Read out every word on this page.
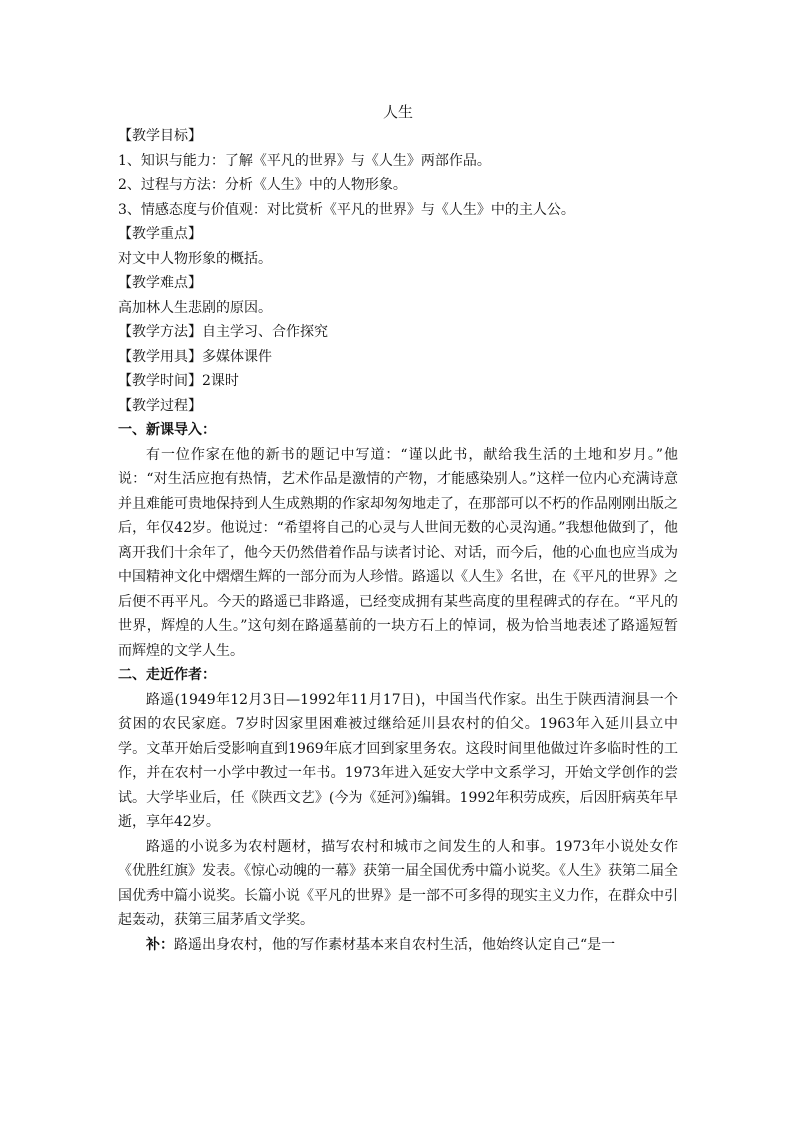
人生

【教学目标】

1、知识与能力：了解《平凡的世界》与《人生》两部作品。

2、过程与方法：分析《人生》中的人物形象。

3、情感态度与价值观：对比赏析《平凡的世界》与《人生》中的主人公。

【教学重点】

对文中人物形象的概括。

【教学难点】

高加林人生悲剧的原因。

【教学方法】自主学习、合作探究

【教学用具】多媒体课件

【教学时间】2课时

【教学过程】

一、新课导入：

有一位作家在他的新书的题记中写道：“谨以此书，献给我生活的土地和岁月。”他说：“对生活应抱有热情，艺术作品是激情的产物，才能感染别人。”这样一位内心充满诗意并且难能可贵地保持到人生成熟期的作家却匆匆地走了，在那部可以不朽的作品刚刚出版之后，年仅42岁。他说过：“希望将自己的心灵与人世间无数的心灵沟通。”我想他做到了，他离开我们十余年了，他今天仍然借着作品与读者讨论、对话，而今后，他的心血也应当成为中国精神文化中熠熠生辉的一部分而为人珍惜。路遥以《人生》名世，在《平凡的世界》之后便不再平凡。今天的路遥已非路遥，已经变成拥有某些高度的里程碑式的存在。“平凡的世界，辉煌的人生。”这句刻在路遥墓前的一块方石上的悼词，极为恰当地表述了路遥短暂而辉煌的文学人生。

二、走近作者：

路遥(1949年12月3日—1992年11月17日)，中国当代作家。出生于陕西清涧县一个贫困的农民家庭。7岁时因家里困难被过继给延川县农村的伯父。1963年入延川县立中学。文革开始后受影响直到1969年底才回到家里务农。这段时间里他做过许多临时性的工作，并在农村一小学中教过一年书。1973年进入延安大学中文系学习，开始文学创作的尝试。大学毕业后，任《陕西文艺》(今为《延河》)编辑。1992年积劳成疾，后因肝病英年早逝，享年42岁。

路遥的小说多为农村题材，描写农村和城市之间发生的人和事。1973年小说处女作《优胜红旗》发表。《惊心动魄的一幕》获第一届全国优秀中篇小说奖。《人生》获第二届全国优秀中篇小说奖。长篇小说《平凡的世界》是一部不可多得的现实主义力作，在群众中引起轰动，获第三届茅盾文学奖。

补：路遥出身农村，他的写作素材基本来自农村生活，他始终认定自己“是一
